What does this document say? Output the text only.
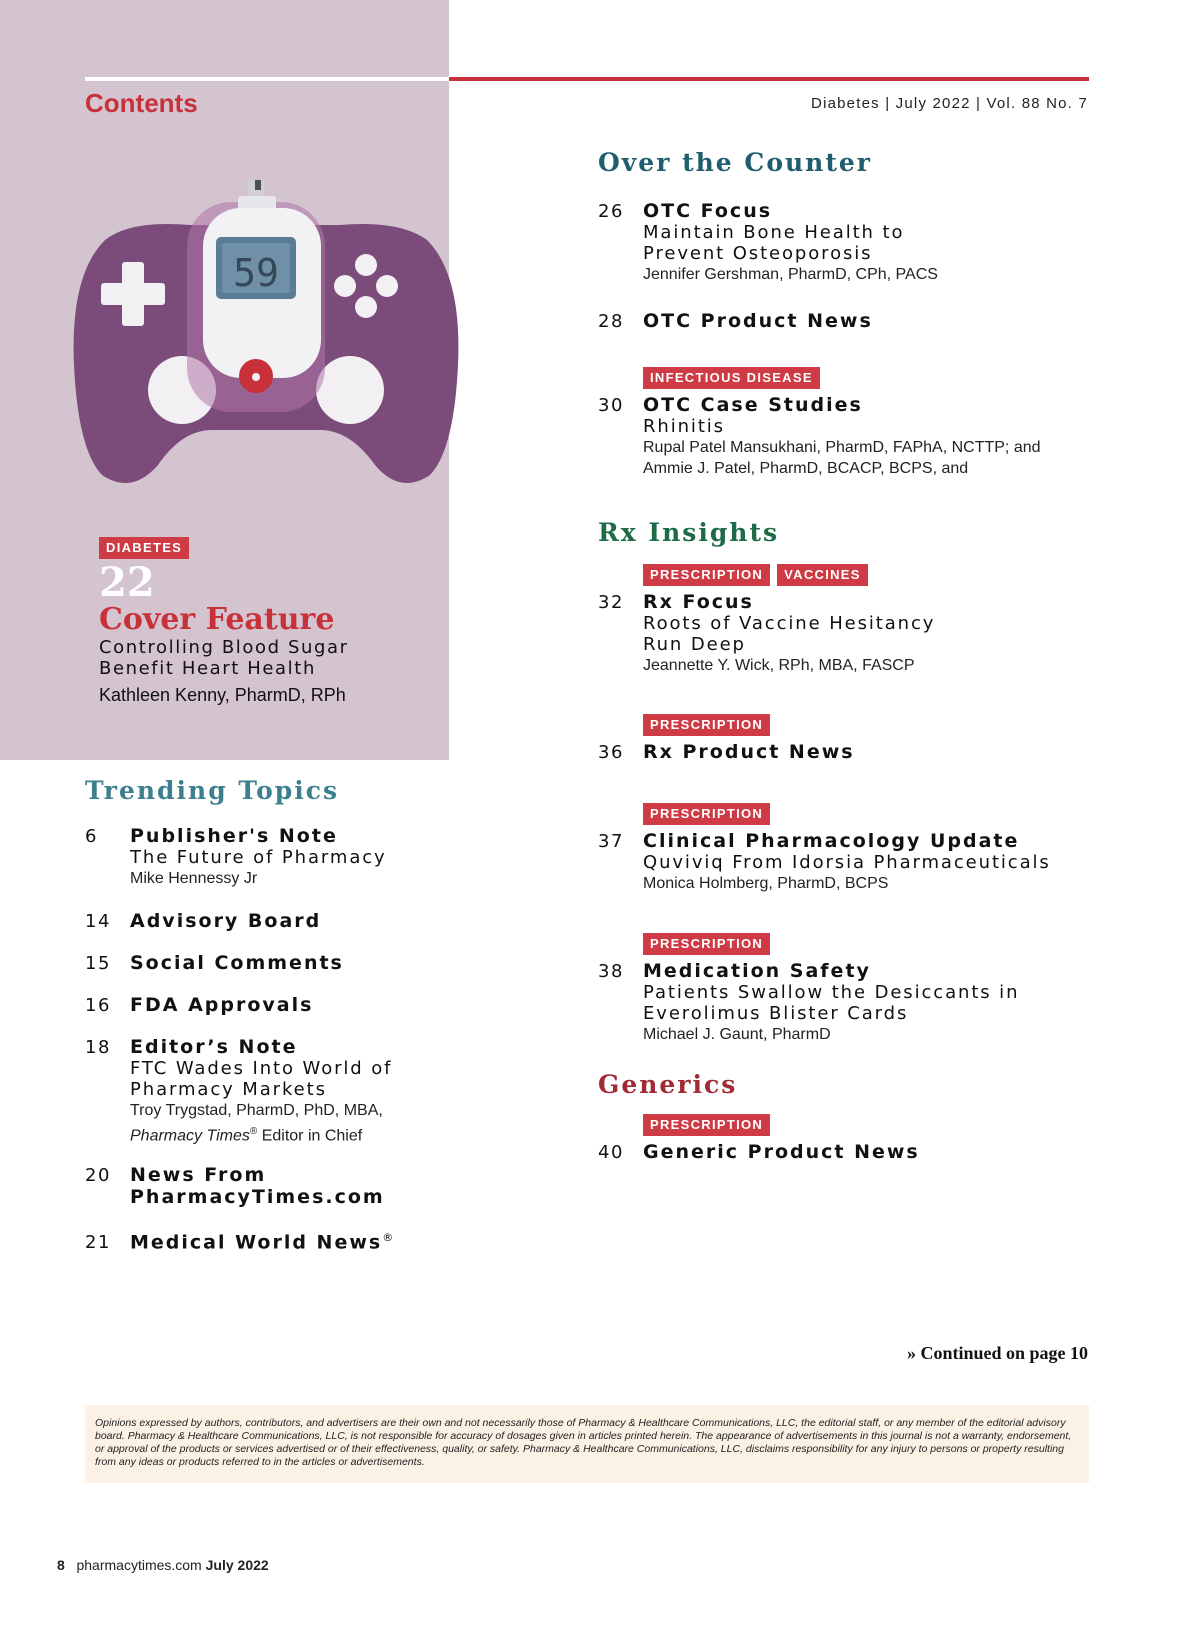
Contents	Diabetes | July 2022 | Vol. 88 No. 7
59
DIABETES
22
Cover Feature
Controlling Blood Sugar
Benefit Heart Health
Kathleen Kenny, PharmD, RPh
Trending Topics
6	Publisher's Note
The Future of Pharmacy
Mike Hennessy Jr
14	Advisory Board
15	Social Comments
16	FDA Approvals
18	Editor’s Note
FTC Wades Into World of
Pharmacy Markets
Troy Trygstad, PharmD, PhD, MBA,
Pharmacy Times® Editor in Chief
20	News From
PharmacyTimes.com
21	Medical World News®
Over the Counter
26	OTC Focus
Maintain Bone Health to
Prevent Osteoporosis
Jennifer Gershman, PharmD, CPh, PACS
28	OTC Product News
INFECTIOUS DISEASE
30	OTC Case Studies
Rhinitis
Rupal Patel Mansukhani, PharmD, FAPhA, NCTTP; and
Ammie J. Patel, PharmD, BCACP, BCPS, and
Rx Insights
PRESCRIPTION VACCINES
32	Rx Focus
Roots of Vaccine Hesitancy
Run Deep
Jeannette Y. Wick, RPh, MBA, FASCP
PRESCRIPTION
36	Rx Product News
PRESCRIPTION
37	Clinical Pharmacology Update
Quviviq From Idorsia Pharmaceuticals
Monica Holmberg, PharmD, BCPS
PRESCRIPTION
38	Medication Safety
Patients Swallow the Desiccants in
Everolimus Blister Cards
Michael J. Gaunt, PharmD
Generics
PRESCRIPTION
40	Generic Product News
» Continued on page 10
Opinions expressed by authors, contributors, and advertisers are their own and not necessarily those of Pharmacy & Healthcare Communications, LLC, the editorial staff, or any member of the editorial advisory board. Pharmacy & Healthcare Communications, LLC, is not responsible for accuracy of dosages given in articles printed herein. The appearance of advertisements in this journal is not a warranty, endorsement, or approval of the products or services advertised or of their effectiveness, quality, or safety. Pharmacy & Healthcare Communications, LLC, disclaims responsibility for any injury to persons or property resulting from any ideas or products referred to in the articles or advertisements.
8 pharmacytimes.com July 2022
